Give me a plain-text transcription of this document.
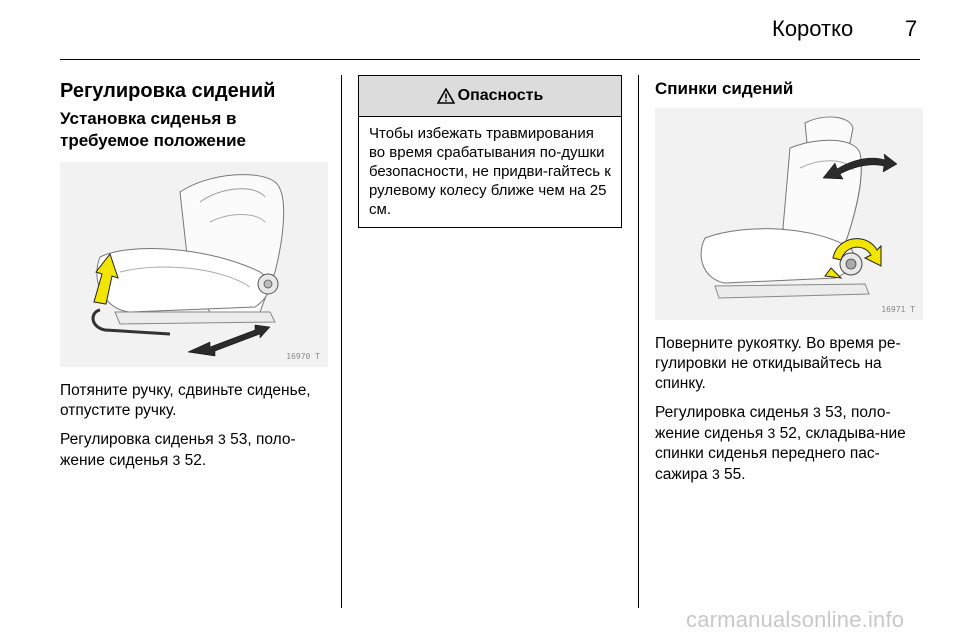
Коротко 7
Регулировка сидений
Установка сиденья в требуемое положение
16970 T

Потяните ручку, сдвиньте сиденье, отпустите ручку.

Регулировка сиденья 3 53, поло-
жение сиденья 3 52.

Опасность

Чтобы избежать травмирования во время срабатывания по-душки безопасности, не придви-гайтесь к рулевому колесу ближе чем на 25 см.

Спинки сидений
16971 T

Поверните рукоятку. Во время ре-гулировки не откидывайтесь на спинку.

Регулировка сиденья 3 53, поло-жение сиденья 3 52, складыва-ние спинки сиденья переднего пас-сажира 3 55.

carmanualsonline.info
